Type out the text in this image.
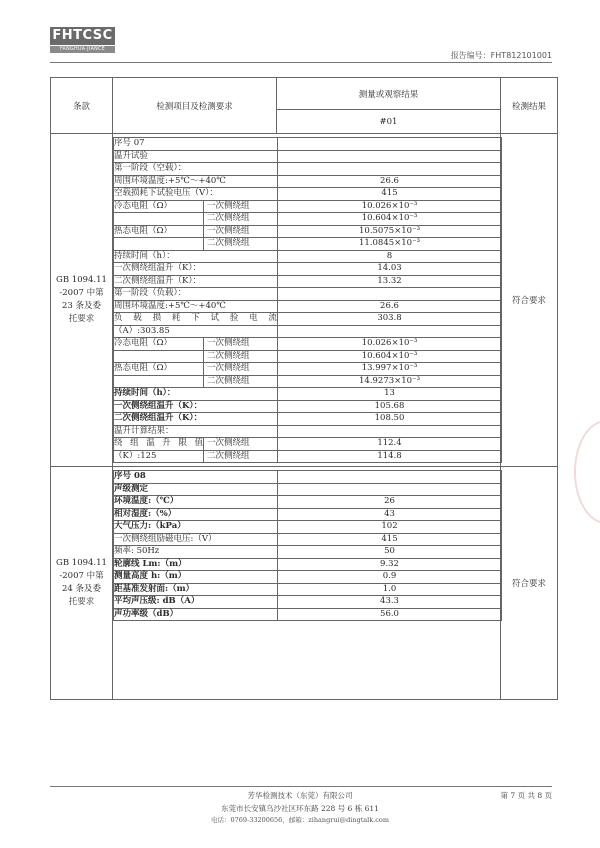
FHTCSC
FANGHUA·JIANCE
报告编号：FHT812101001
条款	检测项目及检测要求	测量或观察结果	检测结果
#01

GB 1094.11
-2007 中第
23 条及委
托要求

序号 07	
温升试验	
第一阶段（空载）：	
周围环境温度:+5℃～+40℃	26.6
空载损耗下试验电压（V）：	415
冷态电阻（Ω）	一次侧绕组	10.026×10⁻³
	二次侧绕组	10.604×10⁻³
热态电阻（Ω）	一次侧绕组	10.5075×10⁻³
	二次侧绕组	11.0845×10⁻³
持续时间（h）：	8
一次侧绕组温升（K）：	14.03
二次侧绕组温升（K）：	13.32
第一阶段（负载）：	
周围环境温度:+5℃～+40℃	26.6
负 载 损 耗 下 试 验 电 流	303.8
（A）:303.85	
冷态电阻（Ω）	一次侧绕组	10.026×10⁻³
	二次侧绕组	10.604×10⁻³
热态电阻（Ω）	一次侧绕组	13.997×10⁻³
	二次侧绕组	14.9273×10⁻³
持续时间（h）：	13
一次侧绕组温升（K）：	105.68
二次侧绕组温升（K）：	108.50
温升计算结果：	
绕 组 温 升 限 值	一次侧绕组	112.4
（K）:125	二次侧绕组	114.8
	符合要求

GB 1094.11
-2007 中第
24 条及委
托要求

序号 08	
声级测定	
环境温度:（℃）	26
相对湿度:（%）	43
大气压力:（kPa）	102
一次侧绕组励磁电压:（V）	415
频率: 50Hz	50
轮廓线 Lm:（m）	9.32
测量高度 h:（m）	0.9
距基准发射面:（m）	1.0
平均声压级: dB（A）	43.3
声功率级（dB）	56.0
	符合要求
芳华检测技术（东莞）有限公司	第 7 页 共 8 页
东莞市长安镇乌沙社区环东路 228 号 6 栋 611
电话：0769-33200656，邮箱：zihangrui@dingtalk.com
